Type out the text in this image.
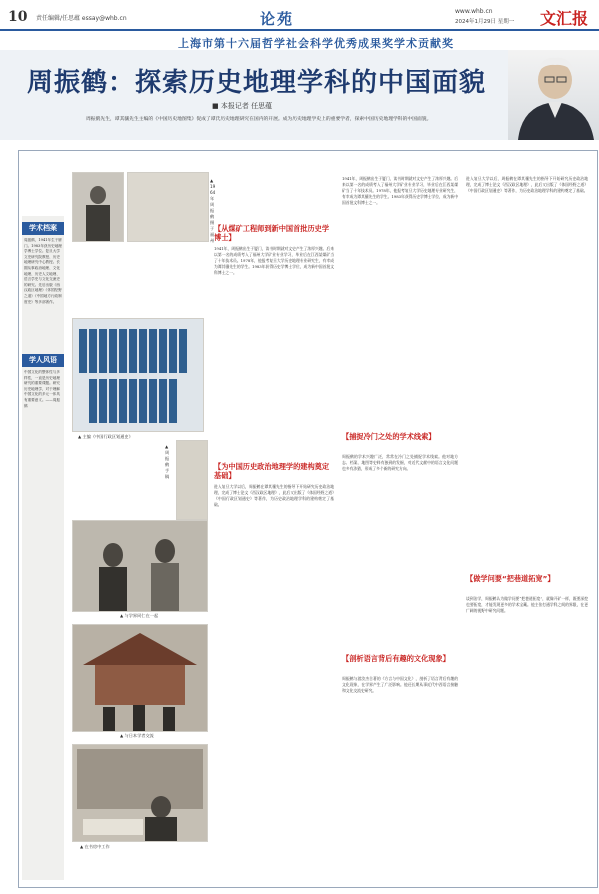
10 责任编辑/任思蕴 essay@whb.cn	论苑	www.whb.cn
2024年1月29日 星期一 文汇报
上海市第十六届哲学社会科学优秀成果奖学术贡献奖
周振鹤：探索历史地理学科的中国面貌
■ 本报记者 任思蕴
周振鹤先生，谭其骧先生主编的《中国历史地图集》促成了谭氏历史地理研究在国内的开展。成为历史地理学史上的重要学者，探索中国历史地理学科的中国面貌。
学术档案
周振鹤，1941年生于厦门。1983年获历史地理学博士学位。复旦大学文史研究院教授、历史地理研究中心教授。长期从事政治地理、文化地理、历史人文地理、语言学史与文化交流史的研究。先后出版《西汉政区地理》《体国经野之道》《中国地方行政制度史》等多部著作。
学人风语
中国文化的整体性与多样性，一直是历史地理研究的重要课题。研究历史地理学，对于理解中国文化的多元一体具有重要意义。——周振鹤
▲ 1964年周振鹤摄于福州
▲ 主编《中国行政区划通史》
▲ 周振鹤手稿
▲ 与学界同仁在一起
▲ 与日本学者交流
▲ 在书房中工作
【从煤矿工程师到新中国首批历史学博士】
【为中国历史政治地理学的建构奠定基础】
【捕捉冷门之处的学术线索】
【剖析语言背后有趣的文化现象】
【做学问要“把巷道拓宽”】
1941年，周振鹤出生于厦门，读书时期就对文史产生了浓厚兴趣。后来以第一名的成绩考入了福州大学矿业专业学习，毕业后在江西某煤矿当了十年技术员。1978年，他报考复旦大学历史地理专业研究生，有幸成为谭其骧先生的学生。1983年获得历史学博士学位，成为新中国首批文科博士之一。
进入复旦大学以后，周振鹤在谭其骧先生的指导下开始研究历史政治地理，完成了博士论文《西汉政区地理》，此后又出版了《体国经野之道》《中国行政区划通史》等著作，为历史政治地理学科的建构奠定了基础。
1941年，周振鹤出生于厦门，读书时期就对文史产生了浓厚兴趣。后来以第一名的成绩考入了福州大学矿业专业学习，毕业后在江西某煤矿当了十年技术员。1978年，他报考复旦大学历史地理专业研究生，有幸成为谭其骧先生的学生。1983年获得历史学博士学位，成为新中国首批文科博士之一。
周振鹤的学术兴趣广泛，常常在冷门之处捕捉学术线索。他对地方志、档案、地图等史料有独到的发掘，对近代文献中的语言文化问题也多有涉猎，形成了多个新的研究方向。
周振鹤与游汝杰合著的《方言与中国文化》，剖析了语言背后有趣的文化现象，在学界产生了广泛影响。他还长期从事近代中西语言接触和文化交流史研究。
进入复旦大学以后，周振鹤在谭其骧先生的指导下开始研究历史政治地理，完成了博士论文《西汉政区地理》，此后又出版了《体国经野之道》《中国行政区划通史》等著作，为历史政治地理学科的建构奠定了基础。
谈到治学，周振鹤认为做学问要“把巷道拓宽”，就像开矿一样，既要深挖也要拓宽，才能发现更多的学术宝藏。他主张打通学科之间的界限，在更广阔的视野中研究问题。
